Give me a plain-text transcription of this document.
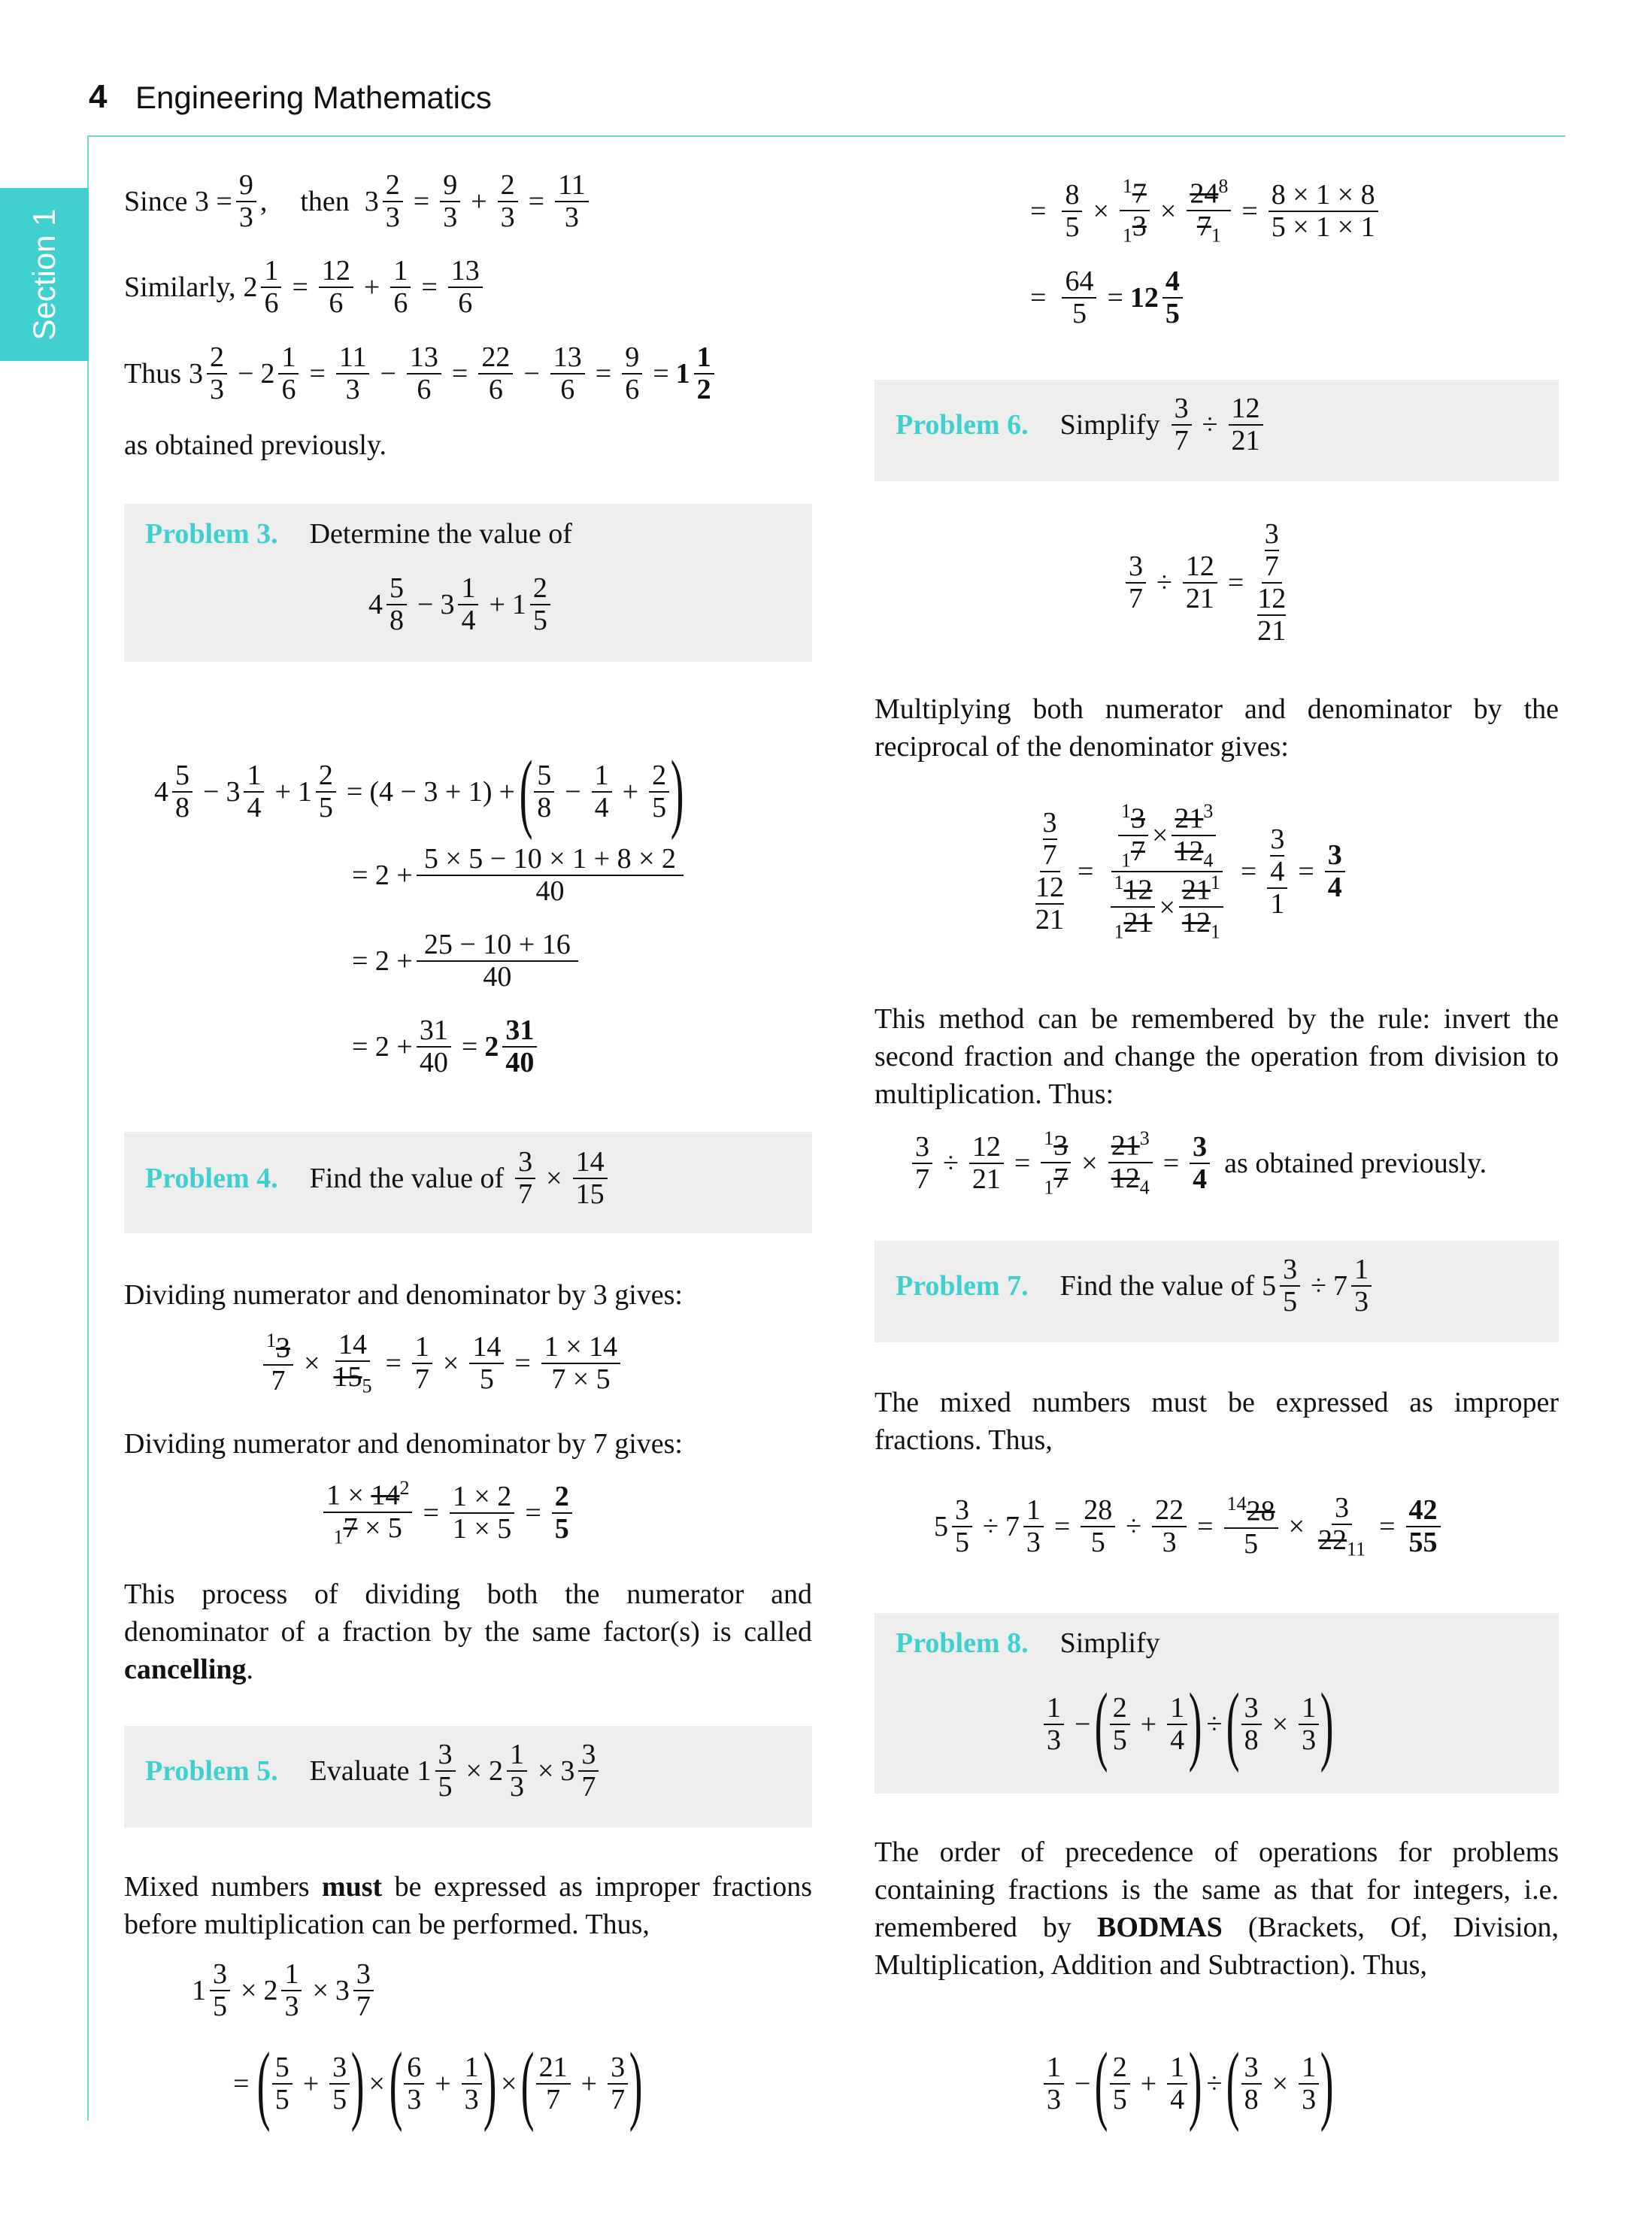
4 Engineering Mathematics
Section 1
Since $3 = \frac{9}{3}$ , then $3 \frac{2}{3} = \frac{9}{3} + \frac{2}{3} = \frac{11}{3}$
Similarly, $2 \frac{1}{6} = \frac{12}{6} + \frac{1}{6} = \frac{13}{6}$
Thus 3
2
$3 - 2 \frac{1}{6} = \frac{11}{3} - \frac{13}{6} = \frac{22}{6} - \frac{13}{6} = \frac{9}{6} = 1$
1
2
as obtained previously.
Problem 3. Determine the value of
4
5
$8 - 3 \frac{1}{4} + 1 \frac{2}{5}$
4
5
$8 - 3 \frac{1}{4} + 1 \frac{2}{5} = (4 - 3 + 1)$ + ( 5
$8 - \frac{1}{4} + \frac{2}{5}$ )
= 2 +
5 × 5 − 10 × 1 + 8 × 2
40
= 2 +
25 − 10 + 16
40
= $2 + \frac{31}{40} = 2$
31
40
Problem 4. Find the value of $\frac{3}{7} \times \frac{14}{15}$
Dividing numerator and denominator by 3 gives:
$\frac{^13}{7} \times \frac{14}{15_5} = \frac{1}{7} \times \frac{14}{5} = \frac{1 \times 14}{7 \times 5}$
Dividing numerator and denominator by 7 gives:
$\frac{1 \times 14^2}{_17 \times 5} = \frac{1 \times 2}{1 \times 5} = \frac{2}{5}$
This process of dividing both the numerator and denominator of a fraction by the same factor(s) is called cancelling.
Problem 5. Evaluate $1 \frac{3}{5} \times 2 \frac{1}{3} \times 3 \frac{3}{7}$
Mixed numbers must be expressed as improper fractions before multiplication can be performed. Thus,
$1 \frac{3}{5} \times 2 \frac{1}{3} \times 3 \frac{3}{7}$
= ( 5
$5 + \frac{3}{5}$ ) × ( 6
$3 + \frac{1}{3}$ ) × ( 21
$7 + \frac{3}{7}$ )
= $\frac{8}{5} \times \frac{^17}{_13} \times \frac{24^8}{7_1} = \frac{8 \times 1 \times 8}{5 \times 1 \times 1}$
= $\frac{64}{5} = 12$
4
5
Problem 6. Simplify $\frac{3}{7} \div \frac{12}{21}$
$\frac{3}{7} \div \frac{12}{21} = 3$
7
12
21
Multiplying both numerator and denominator by the reciprocal of the denominator gives:
3
7
12
21 = $^1$3
$_1$7 ×
$21^3$
$12_4$
$^1$12
$_1$21 ×
$21^1$
$12_1 = 3$
4
$1 = \frac{3}{4}$
This method can be remembered by the rule: invert the second fraction and change the operation from division to multiplication. Thus:
$\frac{3}{7} \div \frac{12}{21} = \frac{^13}{_17} \times \frac{21^3}{12_4} = \frac{3}{4}$ as obtained previously.
Problem 7. Find the value of $5 \frac{3}{5} \div 7 \frac{1}{3}$
The mixed numbers must be expressed as improper fractions. Thus,
$5 \frac{3}{5} \div 7 \frac{1}{3} = \frac{28}{5} \div \frac{22}{3} = \frac{^{14}28}{5} \times \frac{3}{22_{11}} = \frac{42}{55}$
Problem 8. Simplify
1
3 − ( 2
$5 + \frac{1}{4}$ ) ÷ ( $\frac{3}{8} \times \frac{1}{3}$ )
The order of precedence of operations for problems containing fractions is the same as that for integers, i.e. remembered by BODMAS (Brackets, Of, Division, Multiplication, Addition and Subtraction). Thus,
1
3 − ( 2
$5 + \frac{1}{4}$ ) ÷ ( $\frac{3}{8} \times \frac{1}{3}$ )
